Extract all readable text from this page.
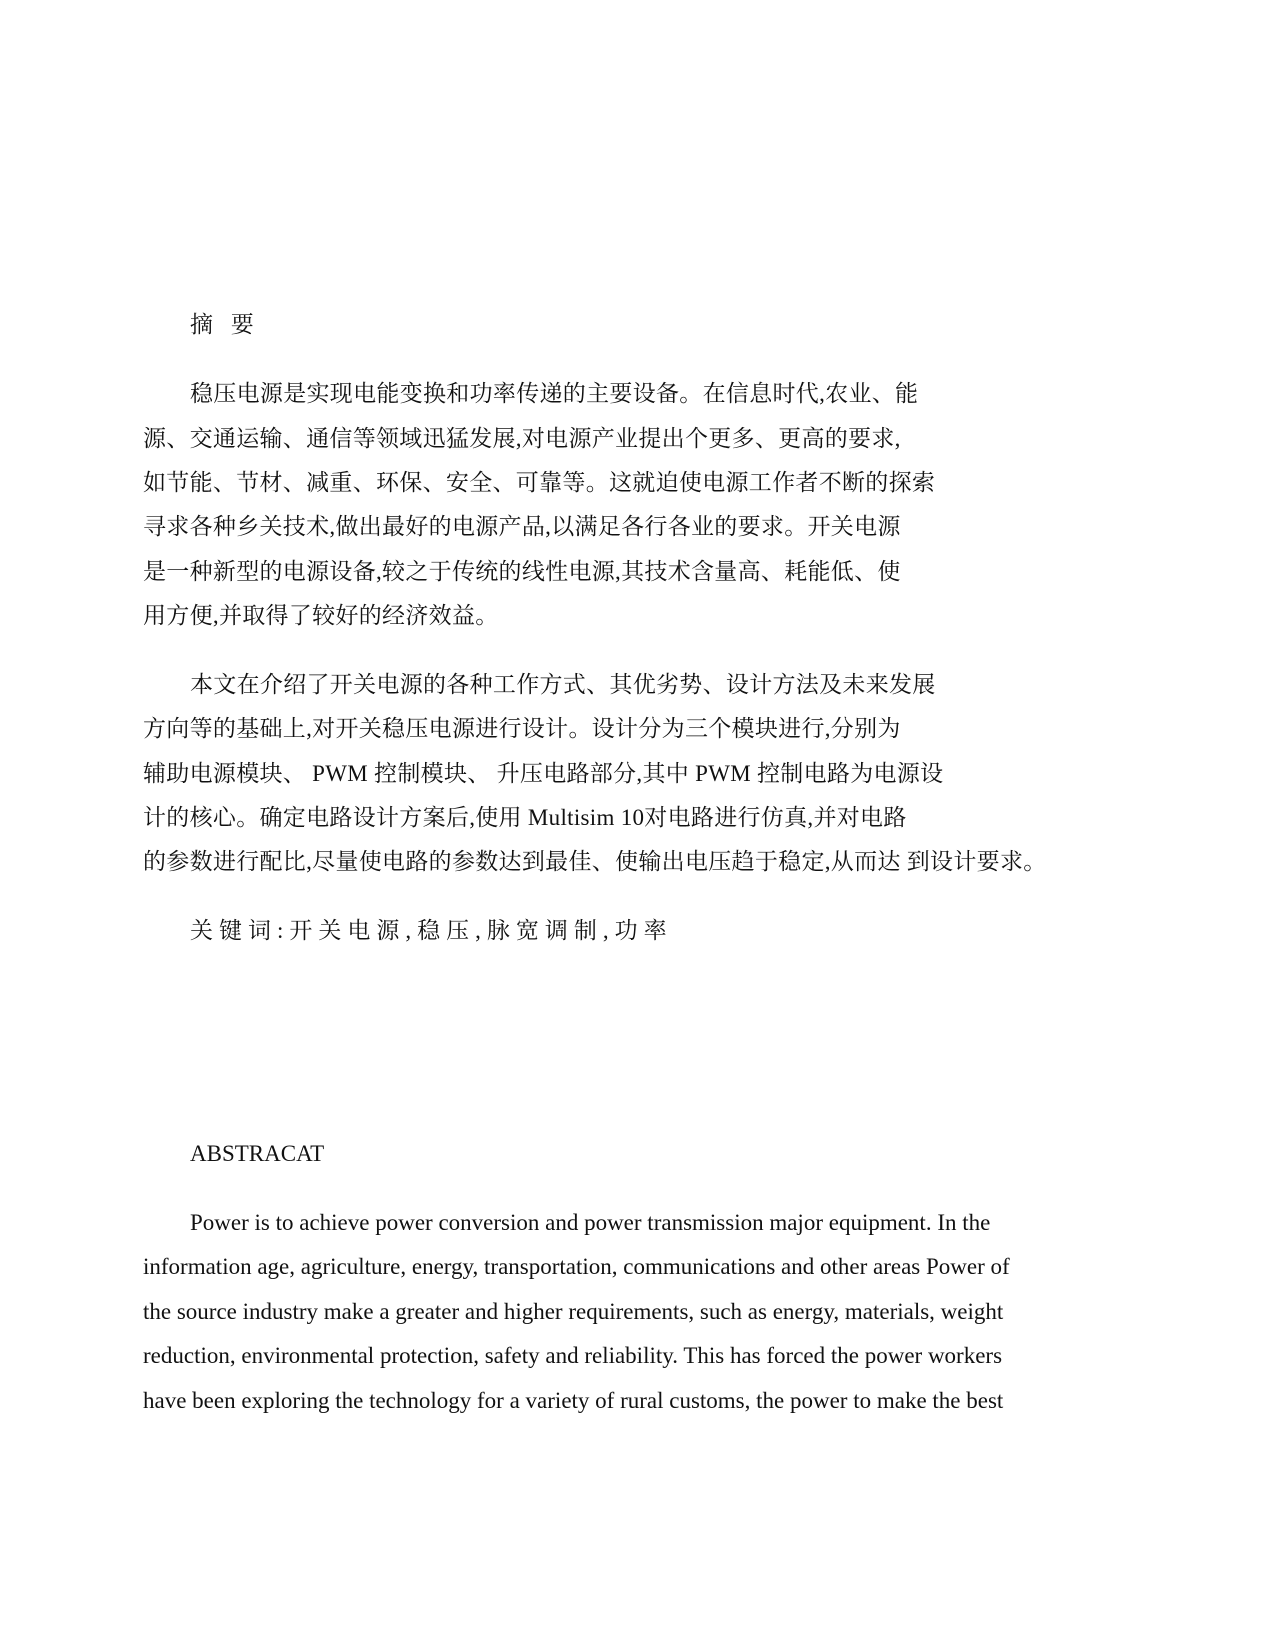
摘 要

稳压电源是实现电能变换和功率传递的主要设备。在信息时代,农业、能

源、交通运输、通信等领域迅猛发展,对电源产业提出个更多、更高的要求,

如节能、节材、减重、环保、安全、可靠等。这就迫使电源工作者不断的探索

寻求各种乡关技术,做出最好的电源产品,以满足各行各业的要求。开关电源

是一种新型的电源设备,较之于传统的线性电源,其技术含量高、耗能低、使

用方便,并取得了较好的经济效益。

本文在介绍了开关电源的各种工作方式、其优劣势、设计方法及未来发展

方向等的基础上,对开关稳压电源进行设计。设计分为三个模块进行,分别为

辅助电源模块、 PWM 控制模块、 升压电路部分,其中 PWM 控制电路为电源设

计的核心。确定电路设计方案后,使用 Multisim 10对电路进行仿真,并对电路

的参数进行配比,尽量使电路的参数达到最佳、使输出电压趋于稳定,从而达 到设计要求。

关键词:开关电源,稳压,脉宽调制,功率

ABSTRACAT

Power is to achieve power conversion and power transmission major equipment. In the

information age, agriculture, energy, transportation, communications and other areas Power of

the source industry make a greater and higher requirements, such as energy, materials, weight

reduction, environmental protection, safety and reliability. This has forced the power workers

have been exploring the technology for a variety of rural customs, the power to make the best
